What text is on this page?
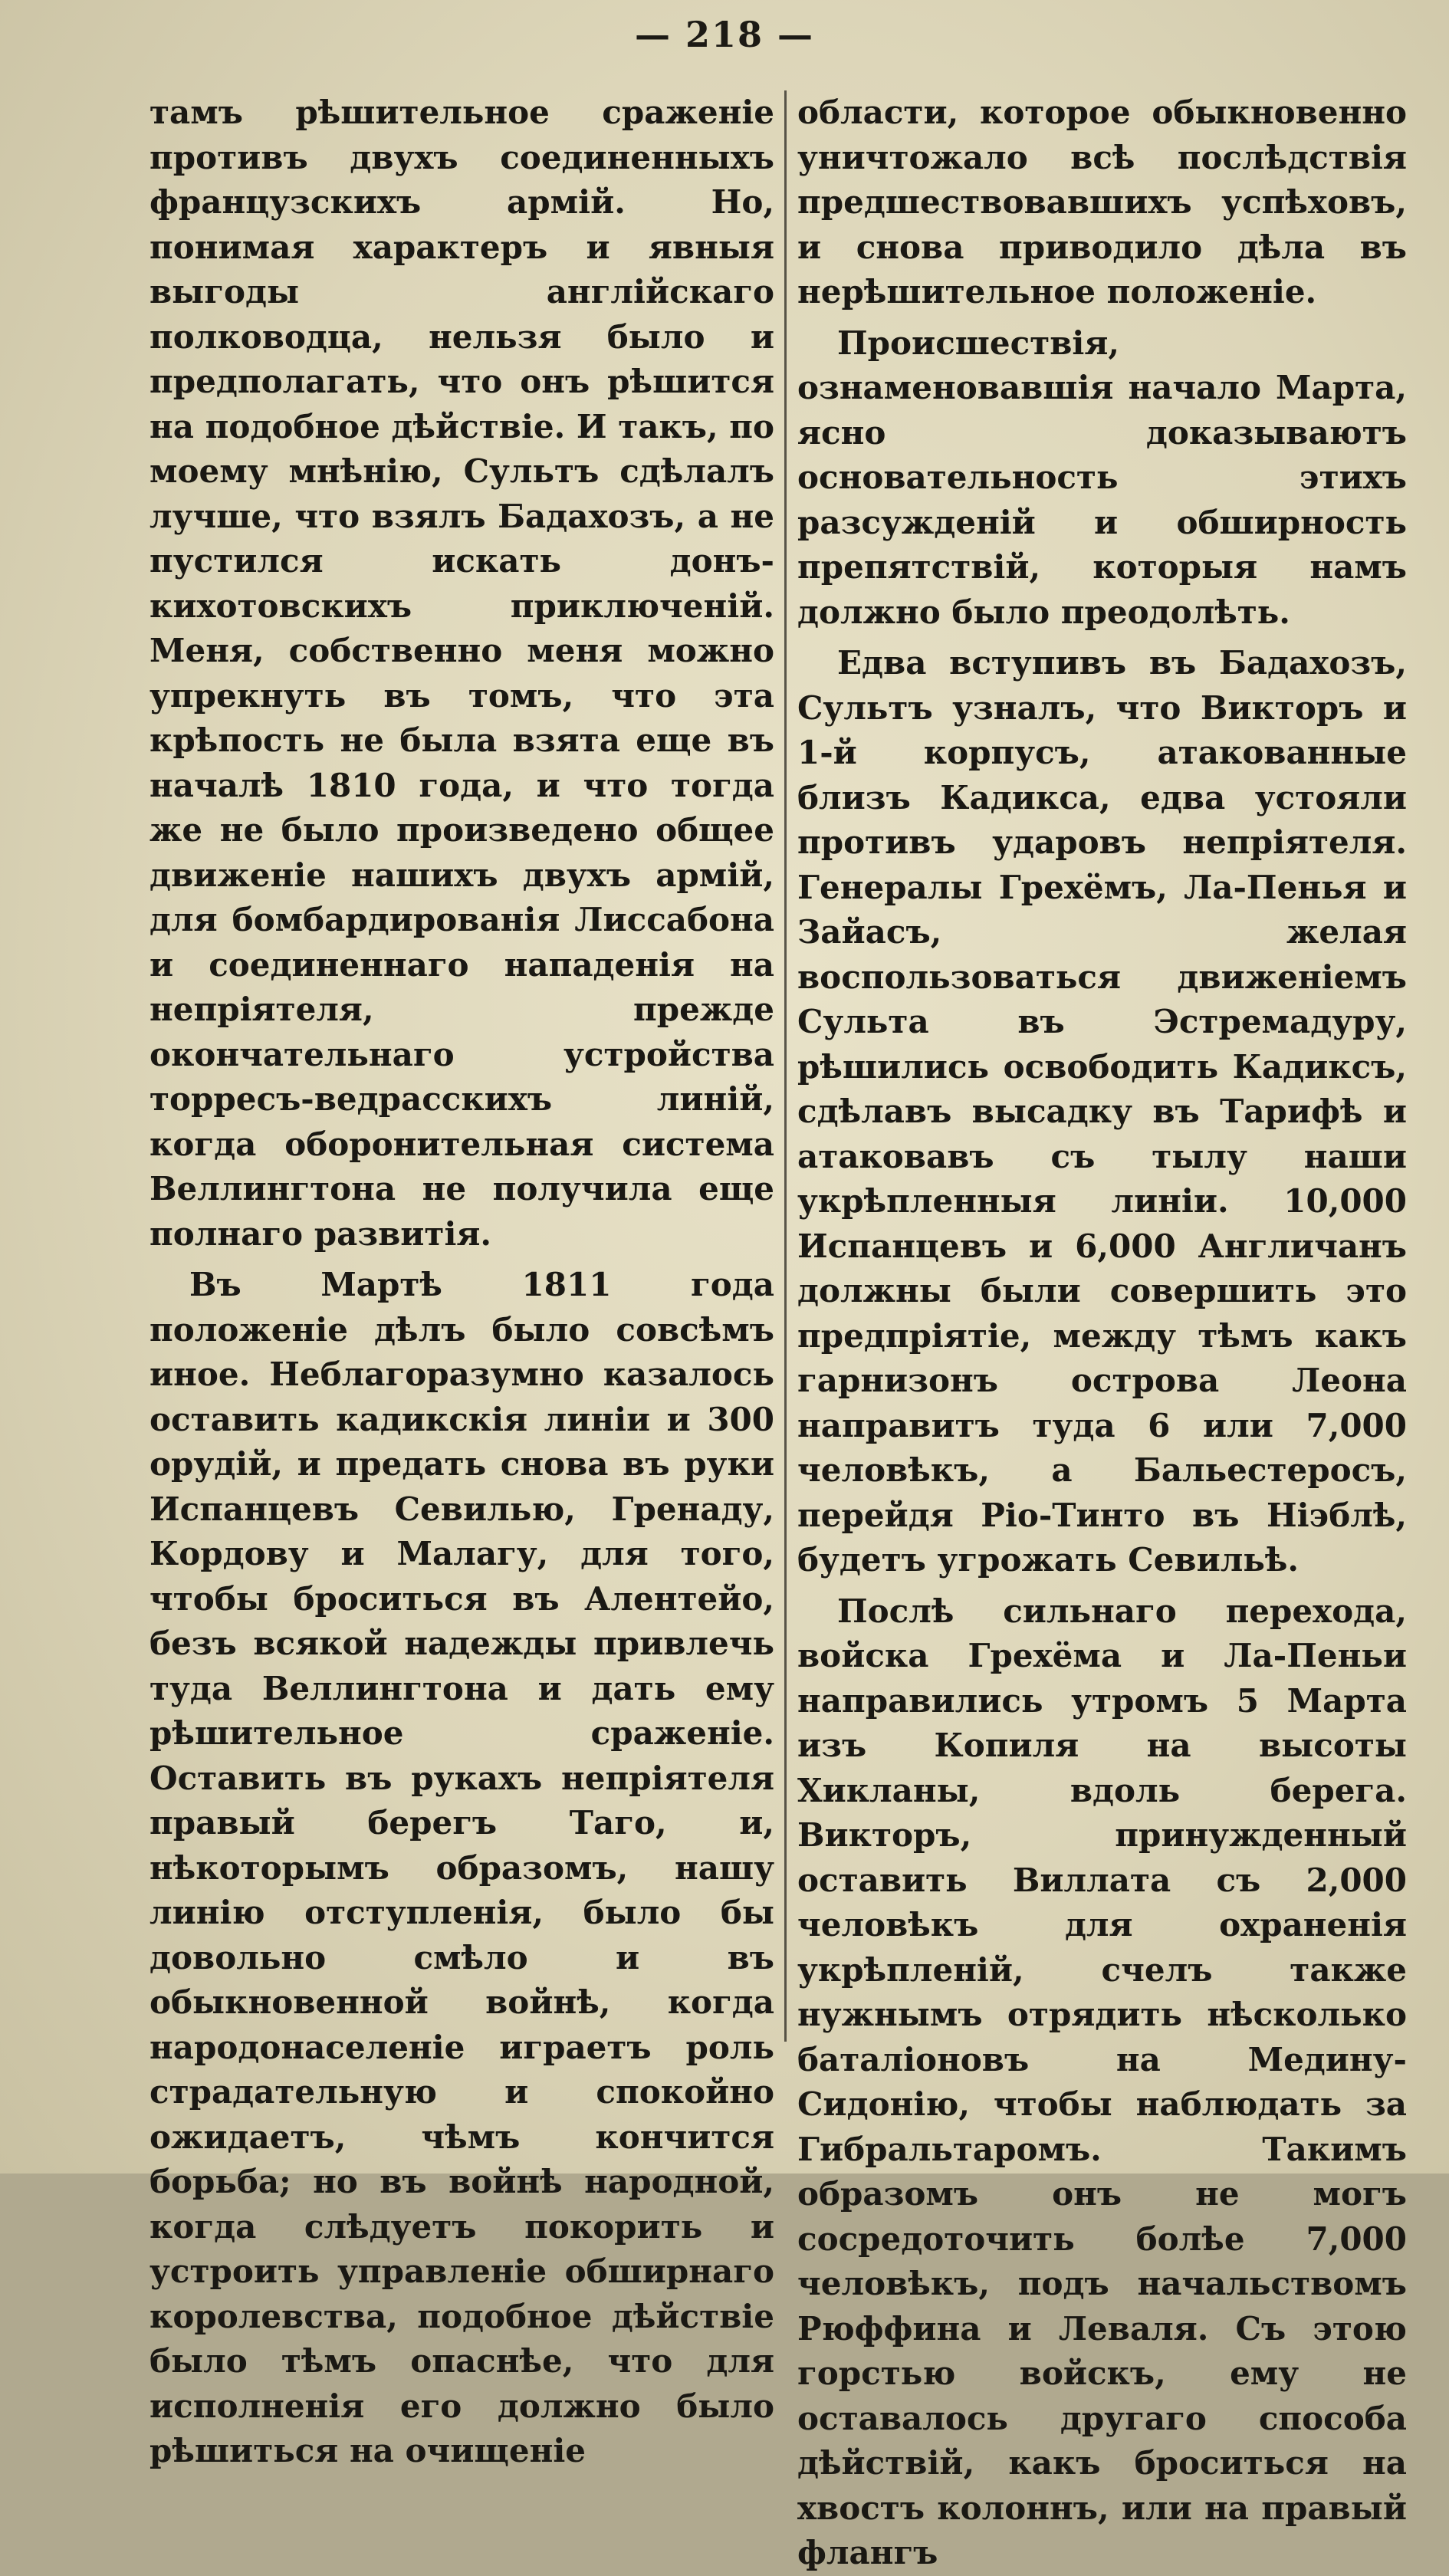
— 218 —

тамъ рѣшительное сраженіе противъ двухъ соединенныхъ французскихъ армій. Но, понимая характеръ и явныя выгоды англійскаго полководца, нельзя было и предполагать, что онъ рѣшится на подобное дѣйствіе. И такъ, по моему мнѣнію, Сультъ сдѣлалъ лучше, что взялъ Бадахозъ, а не пустился искать донъ-кихотовскихъ приключеній. Меня, собственно меня можно упрекнуть въ томъ, что эта крѣпость не была взята еще въ началѣ 1810 года, и что тогда же не было произведено общее движеніе нашихъ двухъ армій, для бомбардированія Лиссабона и соединеннаго нападенія на непріятеля, прежде окончательнаго устройства торресъ-ведрасскихъ линій, когда оборонительная система Веллингтона не получила еще полнаго развитія.

Въ Мартѣ 1811 года положеніе дѣлъ было совсѣмъ иное. Неблагоразумно казалось оставить кадикскія линіи и 300 орудій, и предать снова въ руки Испанцевъ Севилью, Гренаду, Кордову и Малагу, для того, чтобы броситься въ Алентейо, безъ всякой надежды привлечь туда Веллингтона и дать ему рѣшительное сраженіе. Оставить въ рукахъ непріятеля правый берегъ Таго, и, нѣкоторымъ образомъ, нашу линію отступленія, было бы довольно смѣло и въ обыкновенной войнѣ, когда народонаселеніе играетъ роль страдательную и спокойно ожидаетъ, чѣмъ кончится борьба; но въ войнѣ народной, когда слѣдуетъ покорить и устроить управленіе обширнаго королевства, подобное дѣйствіе было тѣмъ опаснѣе, что для исполненія его должно было рѣшиться на очищеніе

области, которое обыкновенно уничтожало всѣ послѣдствія предшествовавшихъ успѣховъ, и снова приводило дѣла въ нерѣшительное положеніе.

Происшествія, ознаменовавшія начало Марта, ясно доказываютъ основательность этихъ разсужденій и обширность препятствій, которыя намъ должно было преодолѣть.

Едва вступивъ въ Бадахозъ, Сультъ узналъ, что Викторъ и 1-й корпусъ, атакованные близъ Кадикса, едва устояли противъ ударовъ непріятеля. Генералы Грехёмъ, Ла-Пенья и Зайасъ, желая воспользоваться движеніемъ Сульта въ Эстремадуру, рѣшились освободить Кадиксъ, сдѣлавъ высадку въ Тарифѣ и атаковавъ съ тылу наши укрѣпленныя линіи. 10,000 Испанцевъ и 6,000 Англичанъ должны были совершить это предпріятіе, между тѣмъ какъ гарнизонъ острова Леона направитъ туда 6 или 7,000 человѣкъ, а Бальестеросъ, перейдя Ріо-Тинто въ Ніэблѣ, будетъ угрожать Севильѣ.

Послѣ сильнаго перехода, войска Грехёма и Ла-Пеньи направились утромъ 5 Марта изъ Копиля на высоты Хикланы, вдоль берега. Викторъ, принужденный оставить Виллата съ 2,000 человѣкъ для охраненія укрѣпленій, счелъ также нужнымъ отрядить нѣсколько баталіоновъ на Медину-Сидонію, чтобы наблюдать за Гибральтаромъ. Такимъ образомъ онъ не могъ сосредоточить болѣе 7,000 человѣкъ, подъ начальствомъ Рюффина и Леваля. Съ этою горстью войскъ, ему не оставалось другаго способа дѣйствій, какъ броситься на хвостъ колоннъ, или на правый флангъ
